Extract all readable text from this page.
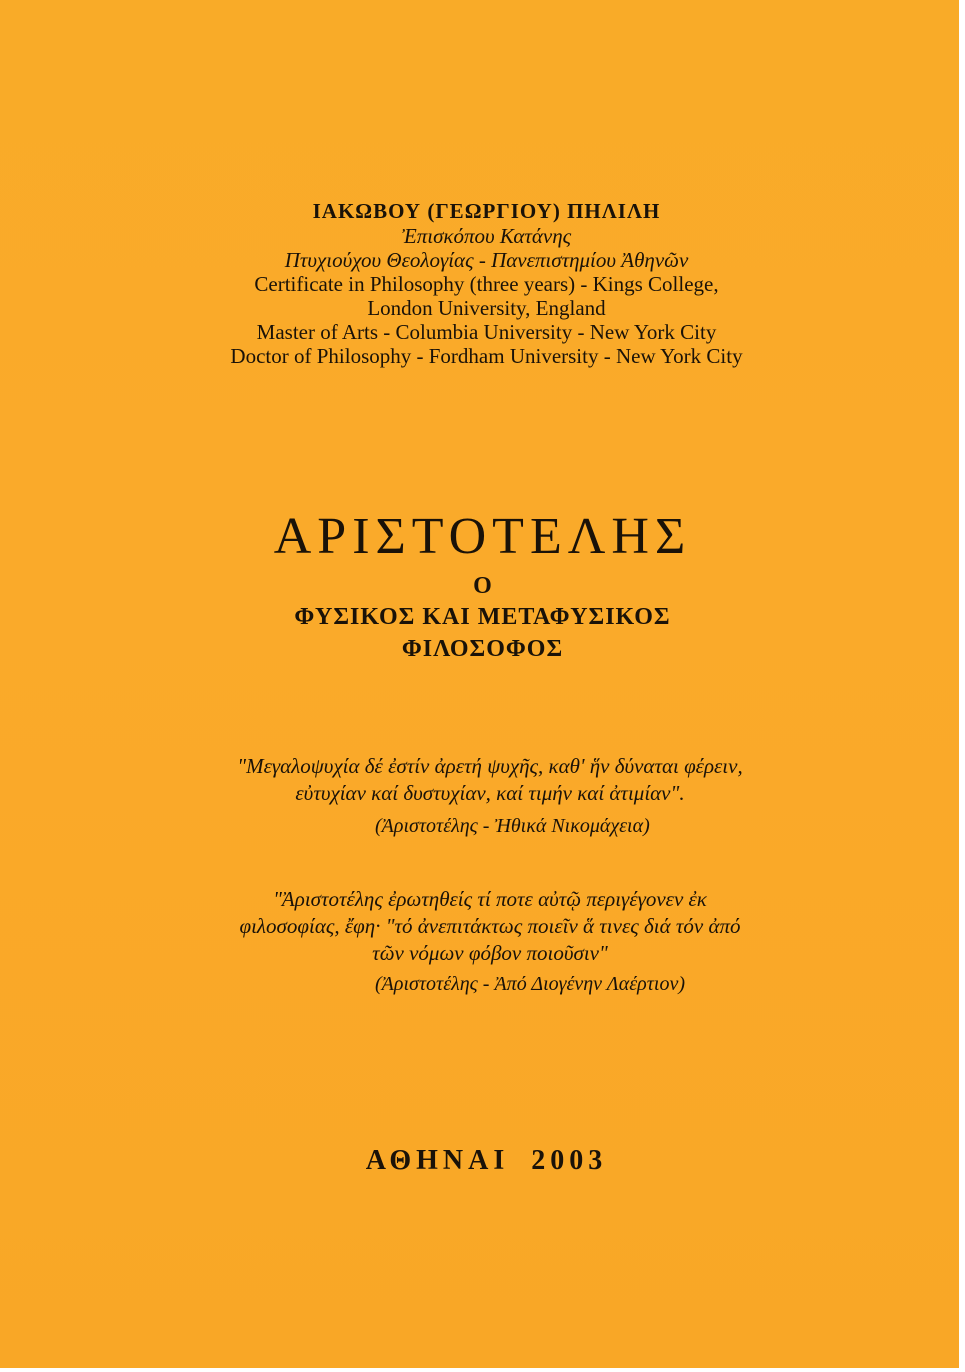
ΙΑΚΩΒΟΥ (ΓΕΩΡΓΙΟΥ) ΠΗΛΙΛΗ
Ἐπισκόπου Κατάνης
Πτυχιούχου Θεολογίας - Πανεπιστημίου Ἀθηνῶν
Certificate in Philosophy (three years) - Kings College,
London University, England
Master of Arts - Columbia University - New York City
Doctor of Philosophy - Fordham University - New York City
ΑΡΙΣΤΟΤΕΛΗΣ
Ο
ΦΥΣΙΚΟΣ ΚΑΙ ΜΕΤΑΦΥΣΙΚΟΣ
ΦΙΛΟΣΟΦΟΣ
"Μεγαλοψυχία δέ ἐστίν ἀρετή ψυχῆς, καθ' ἥν δύναται φέρειν,
εὐτυχίαν καί δυστυχίαν, καί τιμήν καί ἀτιμίαν".
(Ἀριστοτέλης - Ἠθικά Νικομάχεια)
"Ἀριστοτέλης ἐρωτηθείς τί ποτε αὐτῷ περιγέγονεν ἐκ
φιλοσοφίας, ἔφη· "τό ἀνεπιτάκτως ποιεῖν ἅ τινες διά τόν ἀπό
τῶν νόμων φόβον ποιοῦσιν"
(Ἀριστοτέλης - Ἀπό Διογένην Λαέρτιον)
ΑΘΗΝΑΙ 2003
